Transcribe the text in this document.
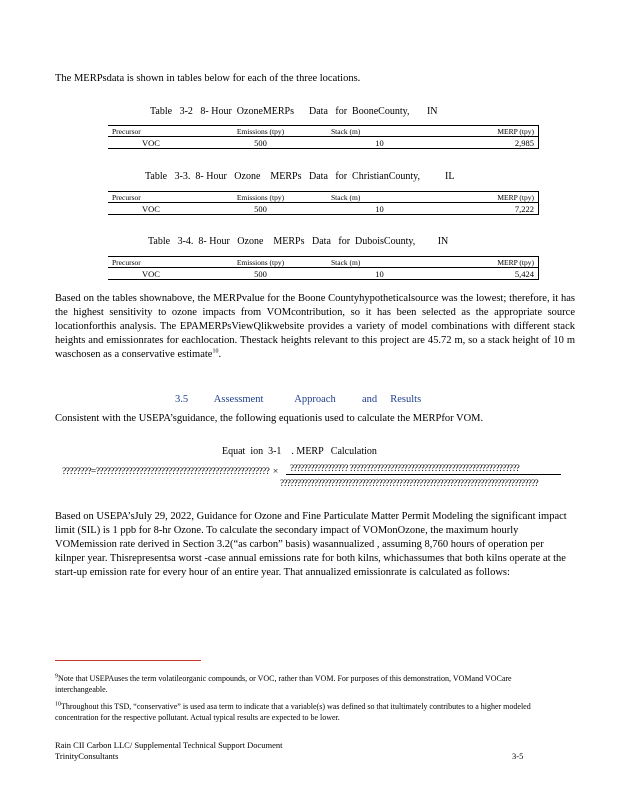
The MERPsdata is shown in tables below for each of the three locations.
Table   3-2   8- Hour  OzoneMERPs      Data   for  BooneCounty,       IN
Precursor	Emissions (tpy)	Stack (m)	MERP (tpy)
VOC	500	10	2,985
Table   3-3.  8- Hour   Ozone    MERPs   Data   for  ChristianCounty,          IL
Precursor	Emissions (tpy)	Stack (m)	MERP (tpy)
VOC	500	10	7,222
Table   3-4.  8- Hour   Ozone    MERPs   Data   for  DuboisCounty,         IN
Precursor	Emissions (tpy)	Stack (m)	MERP (tpy)
VOC	500	10	5,424
Based on the tables shownabove, the MERPvalue for the Boone Countyhypotheticalsource was the lowest; therefore, it has the highest sensitivity to ozone impacts from VOMcontribution, so it has been selected as the appropriate source locationforthis analysis. The EPAMERPsViewQlikwebsite provides a variety of model combinations with different stack heights and emissionrates for eachlocation. Thestack heights relevant to this project are 45.72 m, so a stack height of 10 m waschosen as a conservative estimate$^{10}$.
3.5 Assessment            Approach          and     Results
Consistent with the USEPA’sguidance, the following equationis used to calculate the MERPfor VOM.
Equat  ion  3-1    . MERP   Calculation
????????=????????????????????????????????????????????????  × ????????????????? ??????????????????????????????????????????????????
????????????????????????????????????????????????????????????????????????????
Based on USEPA’sJuly 29, 2022, Guidance for Ozone and Fine Particulate Matter Permit Modeling the significant impact limit (SIL) is 1 ppb for 8-hr Ozone. To calculate the secondary impact of VOMonOzone, the maximum hourly VOMemission rate derived in Section 3.2(“as carbon” basis) wasannualized , assuming 8,760 hours of operation per kilnper year. Thisrepresentsa worst -case annual emissions rate for both kilns, whichassumes that both kilns operate at the start-up emission rate for every hour of an entire year. That annualized emissionrate is calculated as follows:
$^9$Note that USEPAuses the term volatileorganic compounds, or VOC, rather than VOM. For purposes of this demonstration, VOMand VOCare interchangeable.
$^{10}$Throughout this TSD, “conservative” is used asa term to indicate that a variable(s) was defined so that itultimately contributes to a higher modeled concentration for the respective pollutant. Actual typical results are expected to be lower.
Rain CII Carbon LLC/ Supplemental Technical Support Document
TrinityConsultants	3-5
